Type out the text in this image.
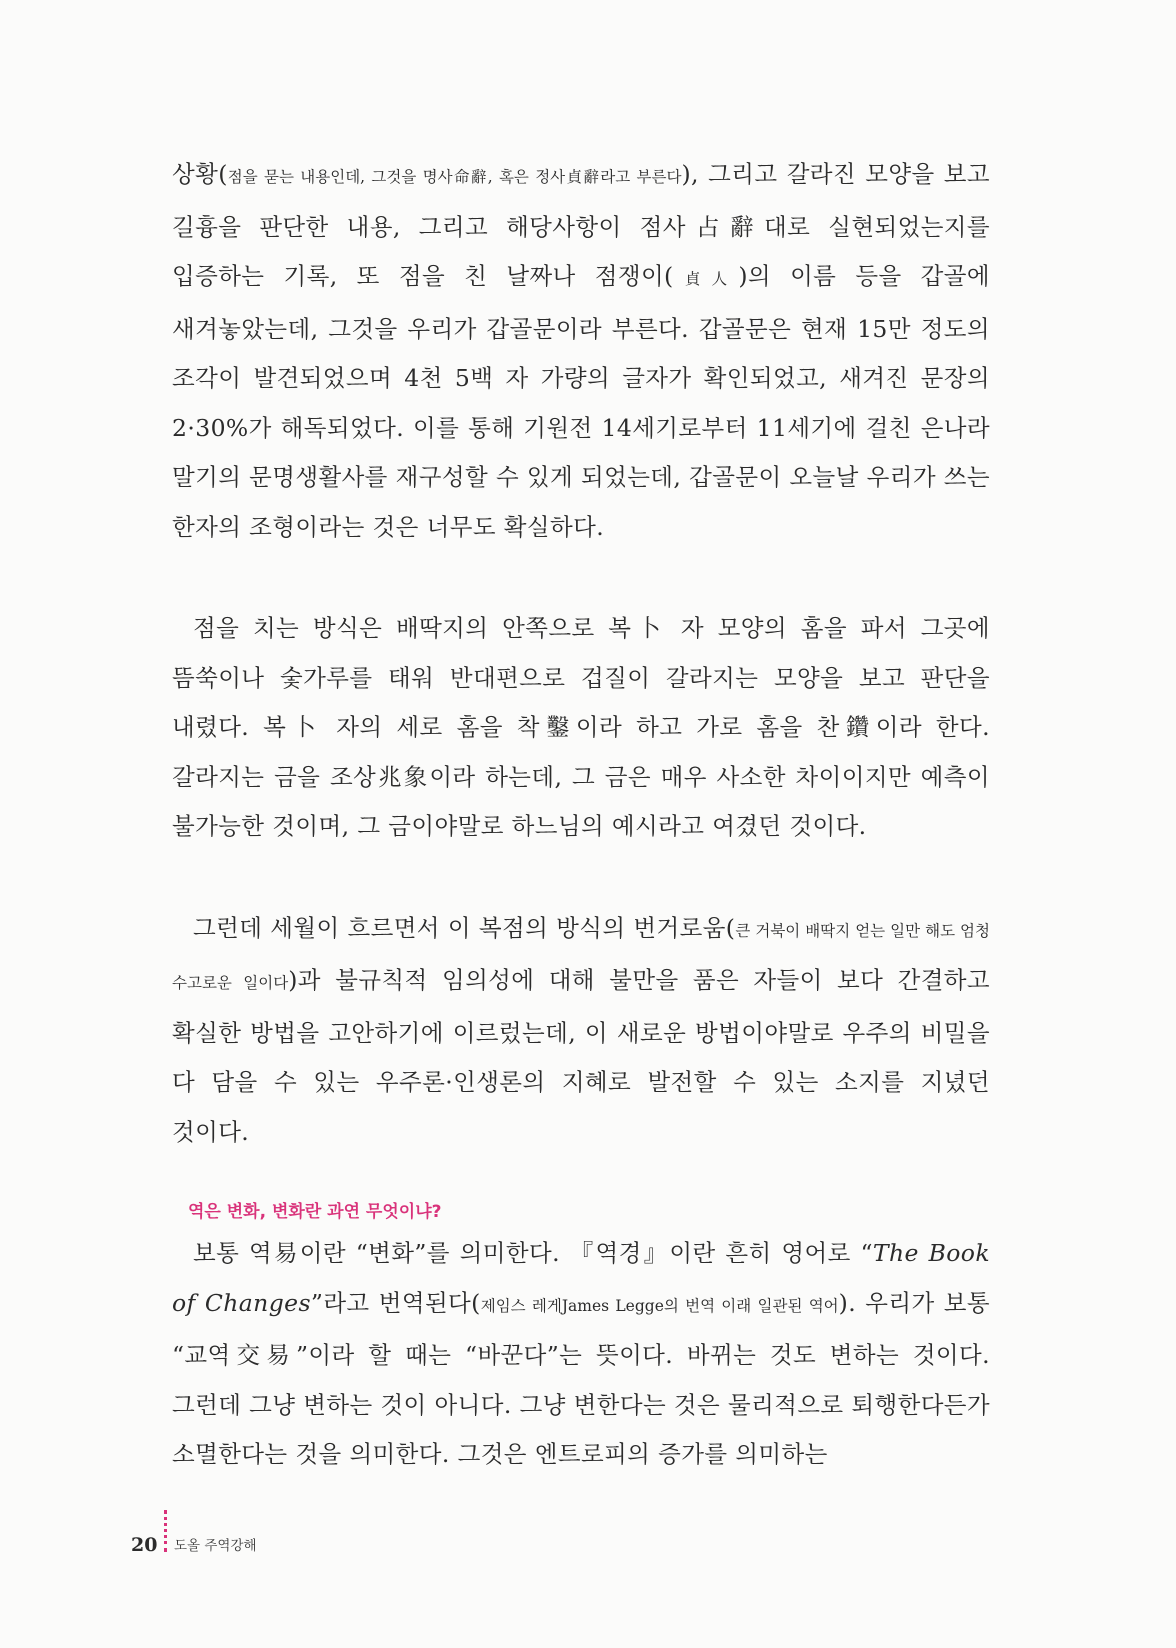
상황(점을 묻는 내용인데, 그것을 명사命辭, 혹은 정사貞辭라고 부른다), 그리고 갈라진 모양을 보고 길흉을 판단한 내용, 그리고 해당사항이 점사占辭대로 실현되었는지를 입증하는 기록, 또 점을 친 날짜나 점쟁이(貞人)의 이름 등을 갑골에 새겨놓았는데, 그것을 우리가 갑골문이라 부른다. 갑골문은 현재 15만 정도의 조각이 발견되었으며 4천 5백 자 가량의 글자가 확인되었고, 새겨진 문장의 2·30%가 해독되었다. 이를 통해 기원전 14세기로부터 11세기에 걸친 은나라 말기의 문명생활사를 재구성할 수 있게 되었는데, 갑골문이 오늘날 우리가 쓰는 한자의 조형이라는 것은 너무도 확실하다.

점을 치는 방식은 배딱지의 안쪽으로 복卜 자 모양의 홈을 파서 그곳에 뜸쑥이나 숯가루를 태워 반대편으로 겁질이 갈라지는 모양을 보고 판단을 내렸다. 복卜 자의 세로 홈을 착鑿이라 하고 가로 홈을 찬鑽이라 한다. 갈라지는 금을 조상兆象이라 하는데, 그 금은 매우 사소한 차이이지만 예측이 불가능한 것이며, 그 금이야말로 하느님의 예시라고 여겼던 것이다.

그런데 세월이 흐르면서 이 복점의 방식의 번거로움(큰 거북이 배딱지 얻는 일만 해도 엄청 수고로운 일이다)과 불규칙적 임의성에 대해 불만을 품은 자들이 보다 간결하고 확실한 방법을 고안하기에 이르렀는데, 이 새로운 방법이야말로 우주의 비밀을 다 담을 수 있는 우주론·인생론의 지혜로 발전할 수 있는 소지를 지녔던 것이다.

역은 변화, 변화란 과연 무엇이냐?

보통 역易이란 “변화”를 의미한다. 『역경』이란 흔히 영어로 “The Book of Changes”라고 번역된다(제임스 레게James Legge의 번역 이래 일관된 역어). 우리가 보통 “교역交易”이라 할 때는 “바꾼다”는 뜻이다. 바뀌는 것도 변하는 것이다. 그런데 그냥 변하는 것이 아니다. 그냥 변한다는 것은 물리적으로 퇴행한다든가 소멸한다는 것을 의미한다. 그것은 엔트로피의 증가를 의미하는

20 도올 주역강해
